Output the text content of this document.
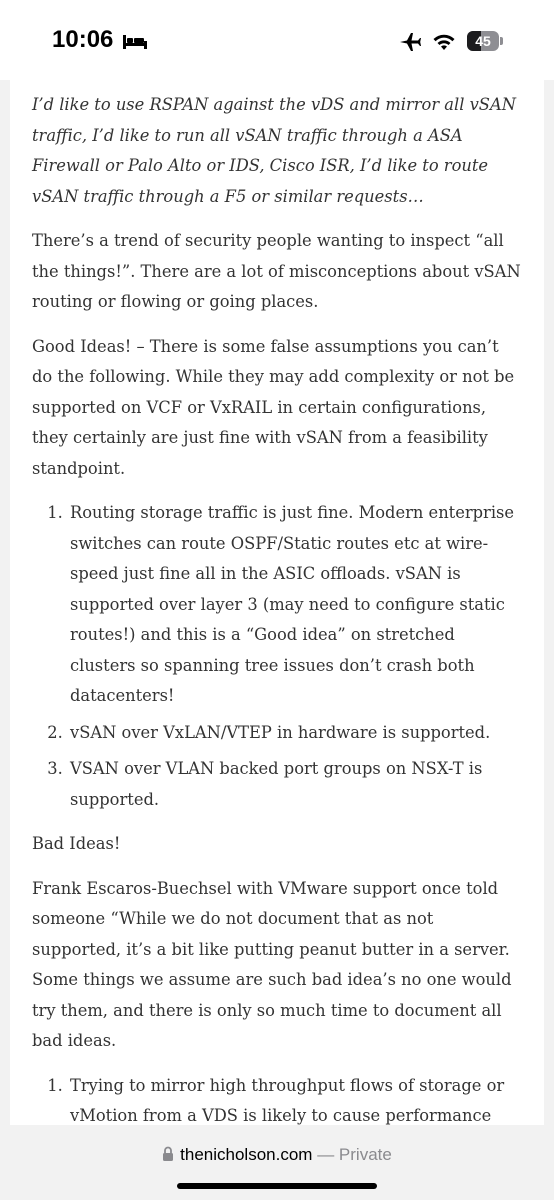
10:06	45

I’d like to use RSPAN against the vDS and mirror all vSAN traffic, I’d like to run all vSAN traffic through a ASA Firewall or Palo Alto or IDS, Cisco ISR, I’d like to route vSAN traffic through a F5 or similar requests…

There’s a trend of security people wanting to inspect “all the things!”. There are a lot of misconceptions about vSAN routing or flowing or going places.

Good Ideas! – There is some false assumptions you can’t do the following. While they may add complexity or not be supported on VCF or VxRAIL in certain configurations, they certainly are just fine with vSAN from a feasibility standpoint.

1. Routing storage traffic is just fine. Modern enterprise switches can route OSPF/Static routes etc at wire-speed just fine all in the ASIC offloads. vSAN is supported over layer 3 (may need to configure static routes!) and this is a “Good idea” on stretched clusters so spanning tree issues don’t crash both datacenters!
2. vSAN over VxLAN/VTEP in hardware is supported.
3. VSAN over VLAN backed port groups on NSX-T is supported.

Bad Ideas!

Frank Escaros-Buechsel with VMware support once told someone “While we do not document that as not supported, it’s a bit like putting peanut butter in a server. Some things we assume are such bad idea’s no one would try them, and there is only so much time to document all bad ideas.

1. Trying to mirror high throughput flows of storage or vMotion from a VDS is likely to cause performance
thenicholson.com — Private
